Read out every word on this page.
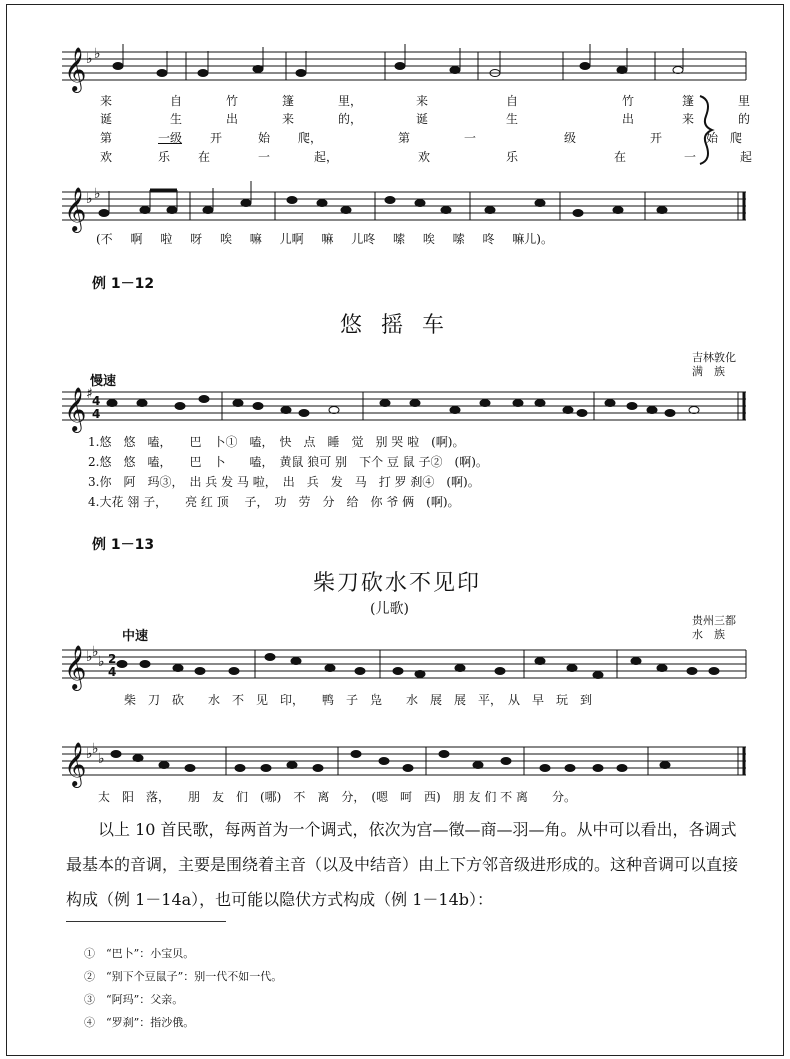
𝄞 ♭ ♭
𝄞 ♭ ♭
𝄞 ♯ 4
4
𝄞 ♭ ♭
♭ 2
4
𝄞 ♭ ♭
♭
来	自	竹	篷	里，	来	自	竹	篷	里
诞	生	出	来	的，	诞	生	出	来	的
第	一级 开	始 爬，	第	一	级	开	始 爬
欢	乐 在	一	起，	欢	乐	在	一	起
(不 啊 啦 呀 唉 嘛 儿啊 嘛 儿咚 嗦 唉 嗦 咚 嘛儿)。
例 1－12
悠 摇 车
吉林敦化
满　族
慢速
1.悠　悠　嗑，　　巴　卜①　嗑，　快　点　睡　觉　别 哭 啦　(啊)。
2.悠　悠　嗑，　　巴　卜　　嗑，　黄鼠 狼可 别　下个 豆 鼠 子②　(啊)。
3.你　阿　玛③，　出 兵 发 马 啦，　出　兵　发　马　打 罗 刹④　(啊)。
4.大花 翎 子，　　亮 红 顶　 子，　功　劳　分　给　你 爷 俩　(啊)。
例 1－13
柴刀砍水不见印
(儿歌)
贵州三都
水　族
中速
柴　刀　砍　　水　不　见　印，　　鸭　子　凫　　水　展　展　平，　从　早　玩　到
太　阳　落，　　朋　友　们　(哪)　不　离　分，　(嗯　呵　西)　朋 友 们 不 离　　分。
以上 10 首民歌，每两首为一个调式，依次为宫—徵—商—羽—角。从中可以看出，各调式最基本的音调，主要是围绕着主音（以及中结音）由上下方邻音级进形成的。这种音调可以直接构成（例 1－14a），也可能以隐伏方式构成（例 1－14b）：
①　“巴卜”：小宝贝。
②　“别下个豆鼠子”：别一代不如一代。
③　“阿玛”：父亲。
④　“罗刹”：指沙俄。
